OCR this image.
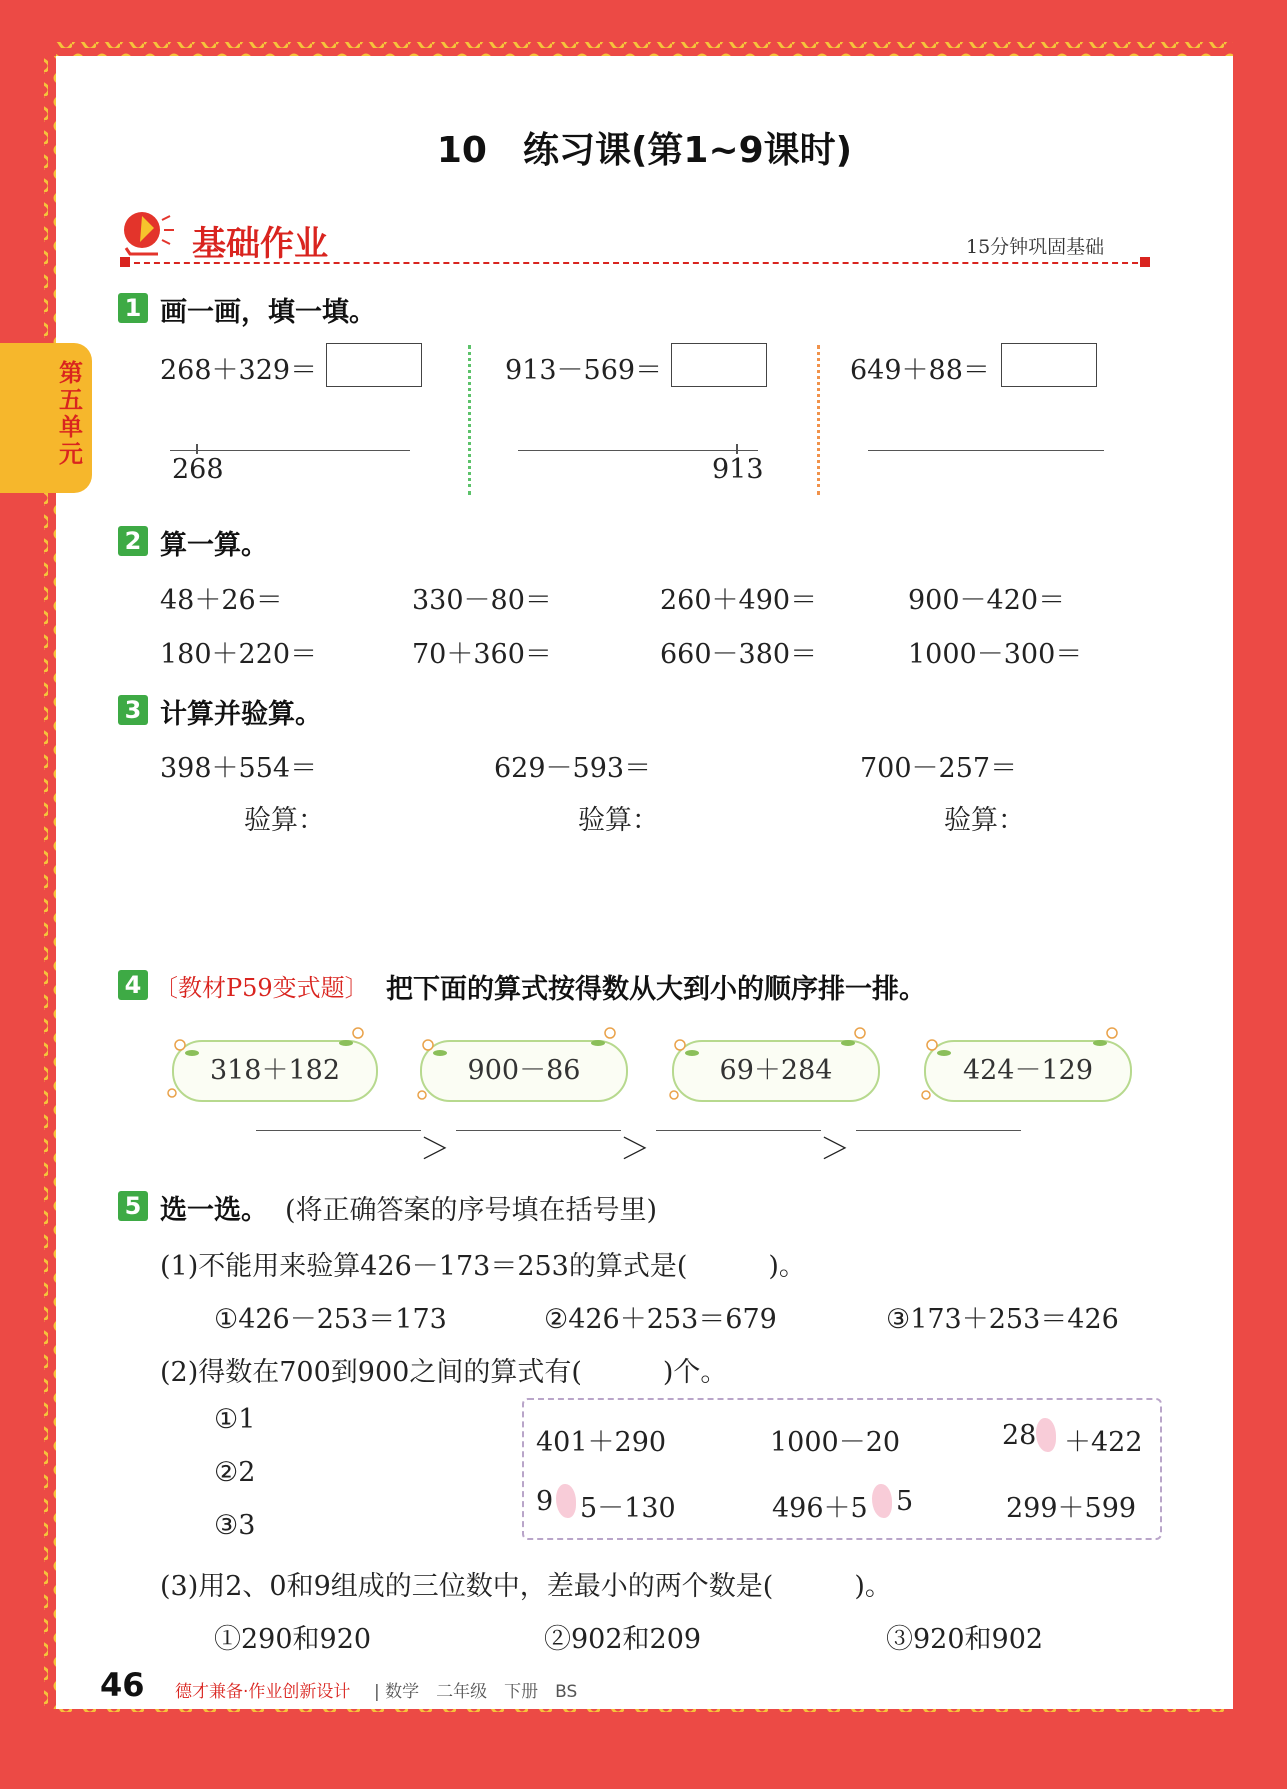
第五单元
10　练习课(第1~9课时)
基础作业	15分钟巩固基础
1 画一画，填一填。
268＋329＝
268
913－569＝
913
649＋88＝
2 算一算。
48＋26＝	330－80＝	260＋490＝	900－420＝
180＋220＝	70＋360＝	660－380＝	1000－300＝
3 计算并验算。
398＋554＝	629－593＝	700－257＝
验算：	验算：	验算：
4 〔教材P59变式题〕 把下面的算式按得数从大到小的顺序排一排。
318＋182	900－86	69＋284	424－129
＞	＞	＞
5 选一选。 (将正确答案的序号填在括号里)
(1)不能用来验算426－173＝253的算式是(　　　)。
①426－253＝173	②426＋253＝679	③173＋253＝426
(2)得数在700到900之间的算式有(　　　)个。
①1
②2
③3
401＋290	1000－20	28 ＋422
9 5－130	496＋5 5	299＋599
(3)用2、0和9组成的三位数中，差最小的两个数是(　　　)。
①290和920	②902和209	③920和902
46 德才兼备·作业创新设计 | 数学　二年级　下册　BS
